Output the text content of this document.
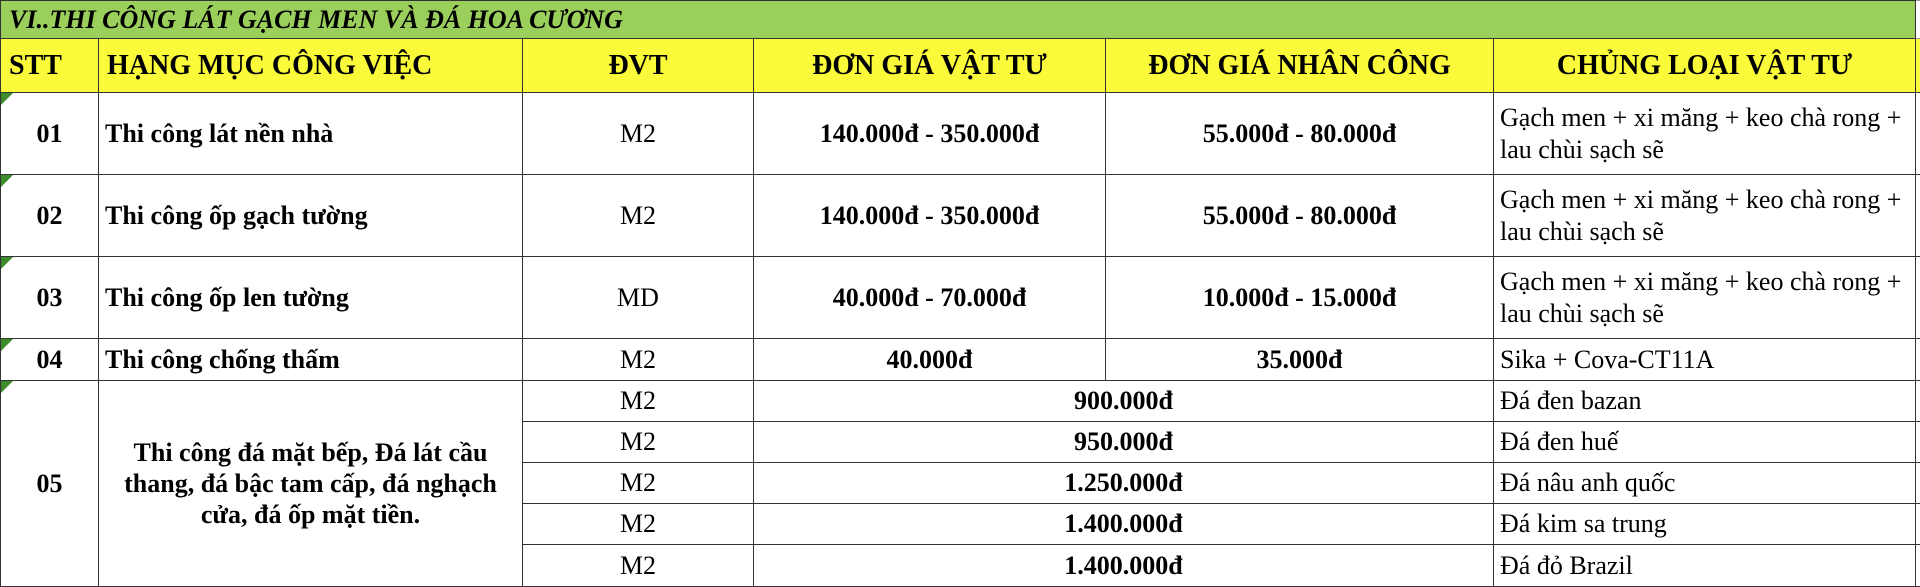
VI..THI CÔNG LÁT GẠCH MEN VÀ ĐÁ HOA CƯƠNG						
STT	HẠNG MỤC CÔNG VIỆC	ĐVT	ĐƠN GIÁ VẬT TƯ	ĐƠN GIÁ NHÂN CÔNG	CHỦNG LOẠI VẬT TƯ	
01	Thi công lát nền nhà	M2	140.000đ - 350.000đ	55.000đ - 80.000đ	Gạch men + xi măng + keo chà rong + lau chùi sạch sẽ	
02	Thi công ốp gạch tường	M2	140.000đ - 350.000đ	55.000đ - 80.000đ	Gạch men + xi măng + keo chà rong + lau chùi sạch sẽ	
03	Thi công ốp len tường	MD	40.000đ - 70.000đ	10.000đ - 15.000đ	Gạch men + xi măng + keo chà rong + lau chùi sạch sẽ	
04	Thi công chống thấm	M2	40.000đ	35.000đ	Sika + Cova-CT11A	
05	Thi công đá mặt bếp, Đá lát cầu thang, đá bậc tam cấp, đá nghạch cửa, đá ốp mặt tiền.	M2	900.000đ		Đá đen bazan	
		M2	950.000đ		Đá đen huế	
		M2	1.250.000đ		Đá nâu anh quốc	
		M2	1.400.000đ		Đá kim sa trung	
		M2	1.400.000đ		Đá đỏ Brazil	
